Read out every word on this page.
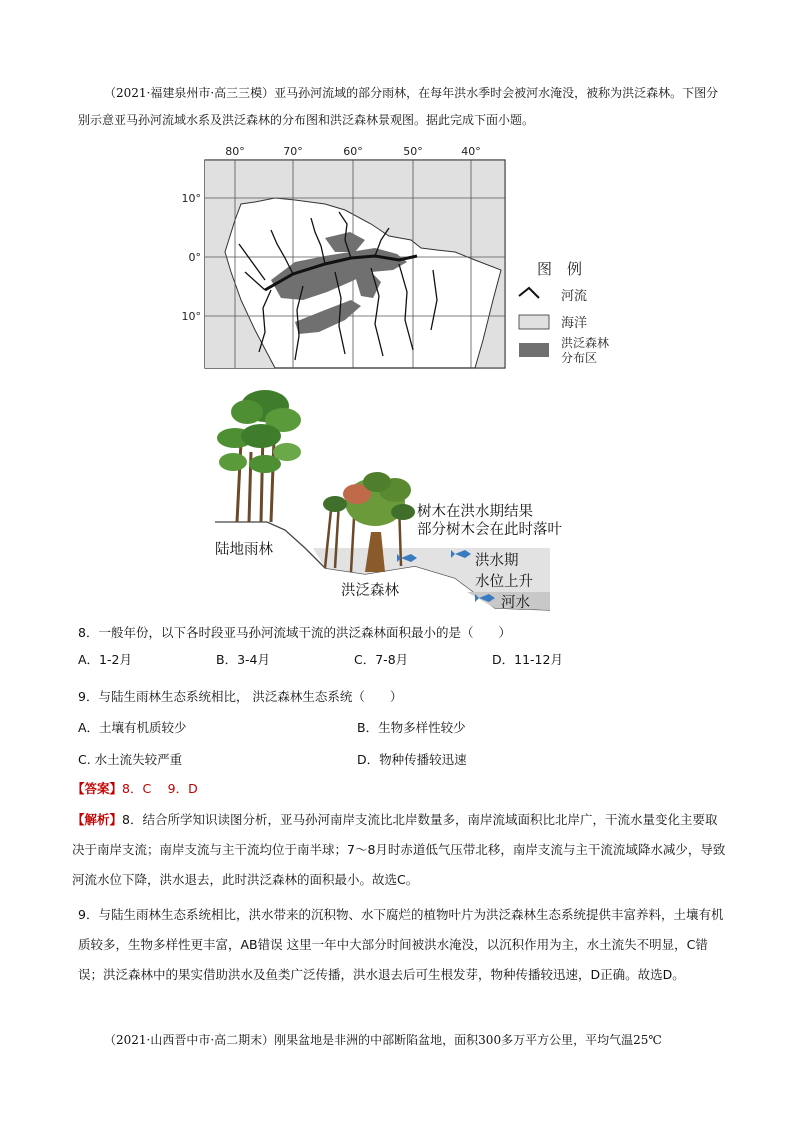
（2021·福建泉州市·高三三模）亚马孙河流域的部分雨林，在每年洪水季时会被河水淹没，被称为洪泛森林。下图分别示意亚马孙河流域水系及洪泛森林的分布图和洪泛森林景观图。据此完成下面小题。
80°	70°	60°	50°	40°
10°
0°
10°
图　例
河流
海洋
洪泛森林
分布区
树木在洪水期结果
部分树木会在此时落叶
陆地雨林
洪泛森林
洪水期
水位上升
河水
8．一般年份，以下各时段亚马孙河流域干流的洪泛森林面积最小的是（　　）
A．1-2月	B．3-4月	C．7-8月	D．11-12月
9．与陆生雨林生态系统相比， 洪泛森林生态系统（　　）
A．土壤有机质较少	B．生物多样性较少
C. 水土流失较严重	D．物种传播较迅速
【答案】8．C　 9．D
【解析】8．结合所学知识读图分析，亚马孙河南岸支流比北岸数量多，南岸流域面积比北岸广，干流水量变化主要取决于南岸支流；南岸支流与主干流均位于南半球；7～8月时赤道低气压带北移，南岸支流与主干流流域降水减少，导致河流水位下降，洪水退去，此时洪泛森林的面积最小。故选C。
9．与陆生雨林生态系统相比，洪水带来的沉积物、水下腐烂的植物叶片为洪泛森林生态系统提供丰富养料，土壤有机质较多，生物多样性更丰富，AB错误 这里一年中大部分时间被洪水淹没，以沉积作用为主，水土流失不明显，C错误；洪泛森林中的果实借助洪水及鱼类广泛传播，洪水退去后可生根发芽，物种传播较迅速，D正确。故选D。
（2021·山西晋中市·高二期末）刚果盆地是非洲的中部断陷盆地，面积300多万平方公里，平均气温25℃
